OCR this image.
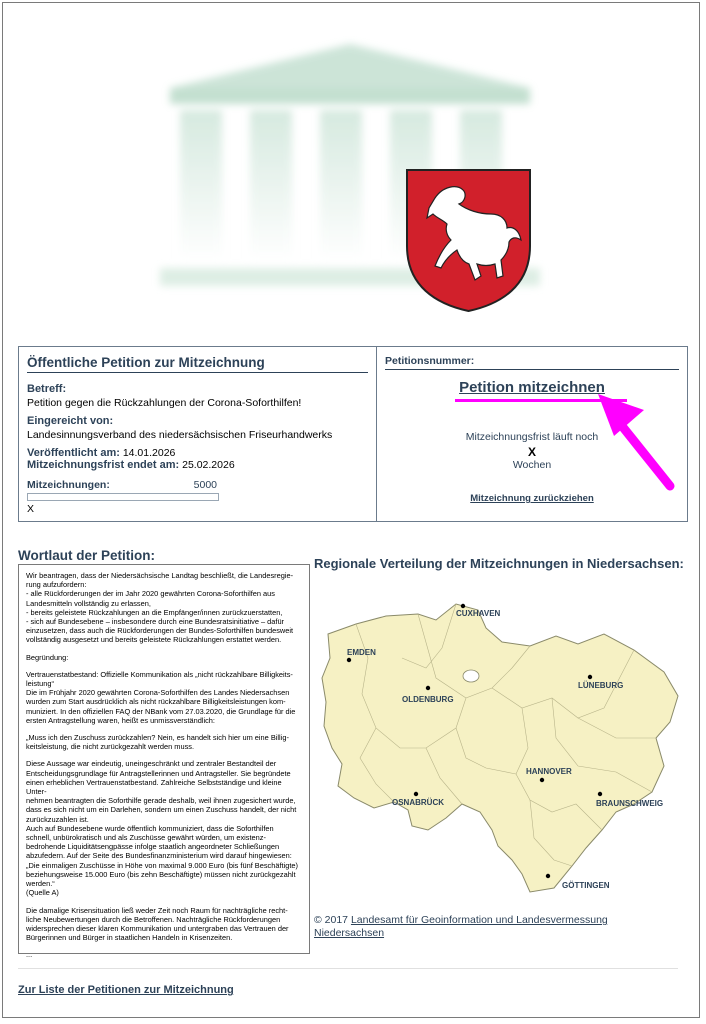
Öffentliche Petition zur Mitzeichnung

Betreff:

Petition gegen die Rückzahlungen der Corona-Soforthilfen!

Eingereicht von:

Landesinnungsverband des niedersächsischen Friseurhandwerks

Veröffentlicht am: 14.01.2026

Mitzeichnungsfrist endet am: 25.02.2026

Mitzeichnungen:	5000
X
Petitionsnummer:
Petition mitzeichnen
Mitzeichnungsfrist läuft noch
X
Wochen
Mitzeichnung zurückziehen
Wortlaut der Petition:

Wir beantragen, dass der Niedersächsische Landtag beschließt, die Landesregie-
rung aufzufordern:
- alle Rückforderungen der im Jahr 2020 gewährten Corona-Soforthilfen aus
Landesmitteln vollständig zu erlassen,
- bereits geleistete Rückzahlungen an die Empfänger/innen zurückzuerstatten,
- sich auf Bundesebene – insbesondere durch eine Bundesratsinitiative – dafür
einzusetzen, dass auch die Rückforderungen der Bundes-Soforthilfen bundesweit
vollständig ausgesetzt und bereits geleistete Rückzahlungen erstattet werden.

Begründung:

Vertrauenstatbestand: Offizielle Kommunikation als „nicht rückzahlbare Billigkeits-
leistung“
Die im Frühjahr 2020 gewährten Corona-Soforthilfen des Landes Niedersachsen
wurden zum Start ausdrücklich als nicht rückzahlbare Billigkeitsleistungen kom-
muniziert. In den offiziellen FAQ der NBank vom 27.03.2020, die Grundlage für die
ersten Antragstellung waren, heißt es unmissverständlich:

„Muss ich den Zuschuss zurückzahlen? Nein, es handelt sich hier um eine Billig-
keitsleistung, die nicht zurückgezahlt werden muss.

Diese Aussage war eindeutig, uneingeschränkt und zentraler Bestandteil der
Entscheidungsgrundlage für Antragstellerinnen und Antragsteller. Sie begründete
einen erheblichen Vertrauenstatbestand. Zahlreiche Selbstständige und kleine Unter-
nehmen beantragten die Soforthilfe gerade deshalb, weil ihnen zugesichert wurde,
dass es sich nicht um ein Darlehen, sondern um einen Zuschuss handelt, der nicht
zurückzuzahlen ist.
Auch auf Bundesebene wurde öffentlich kommuniziert, dass die Soforthilfen
schnell, unbürokratisch und als Zuschüsse gewährt würden, um existenz-
bedrohende Liquiditätsengpässe infolge staatlich angeordneter Schließungen
abzufedern. Auf der Seite des Bundesfinanzministerium wird darauf hingewiesen:
„Die einmaligen Zuschüsse in Höhe von maximal 9.000 Euro (bis fünf Beschäftigte)
beziehungsweise 15.000 Euro (bis zehn Beschäftigte) müssen nicht zurückgezahlt
werden.“
(Quelle A)

Die damalige Krisensituation ließ weder Zeit noch Raum für nachträgliche recht-
liche Neubewertungen durch die Betroffenen. Nachträgliche Rückforderungen
widersprechen dieser klaren Kommunikation und untergraben das Vertrauen der
Bürgerinnen und Bürger in staatlichen Handeln in Krisenzeiten.

...

Regionale Verteilung der Mitzeichnungen in Niedersachsen:
CUXHAVEN
EMDEN
LÜNEBURG
OLDENBURG
HANNOVER
OSNABRÜCK	BRAUNSCHWEIG
GÖTTINGEN
© 2017 Landesamt für Geoinformation und Landesvermessung Niedersachsen
Zur Liste der Petitionen zur Mitzeichnung
